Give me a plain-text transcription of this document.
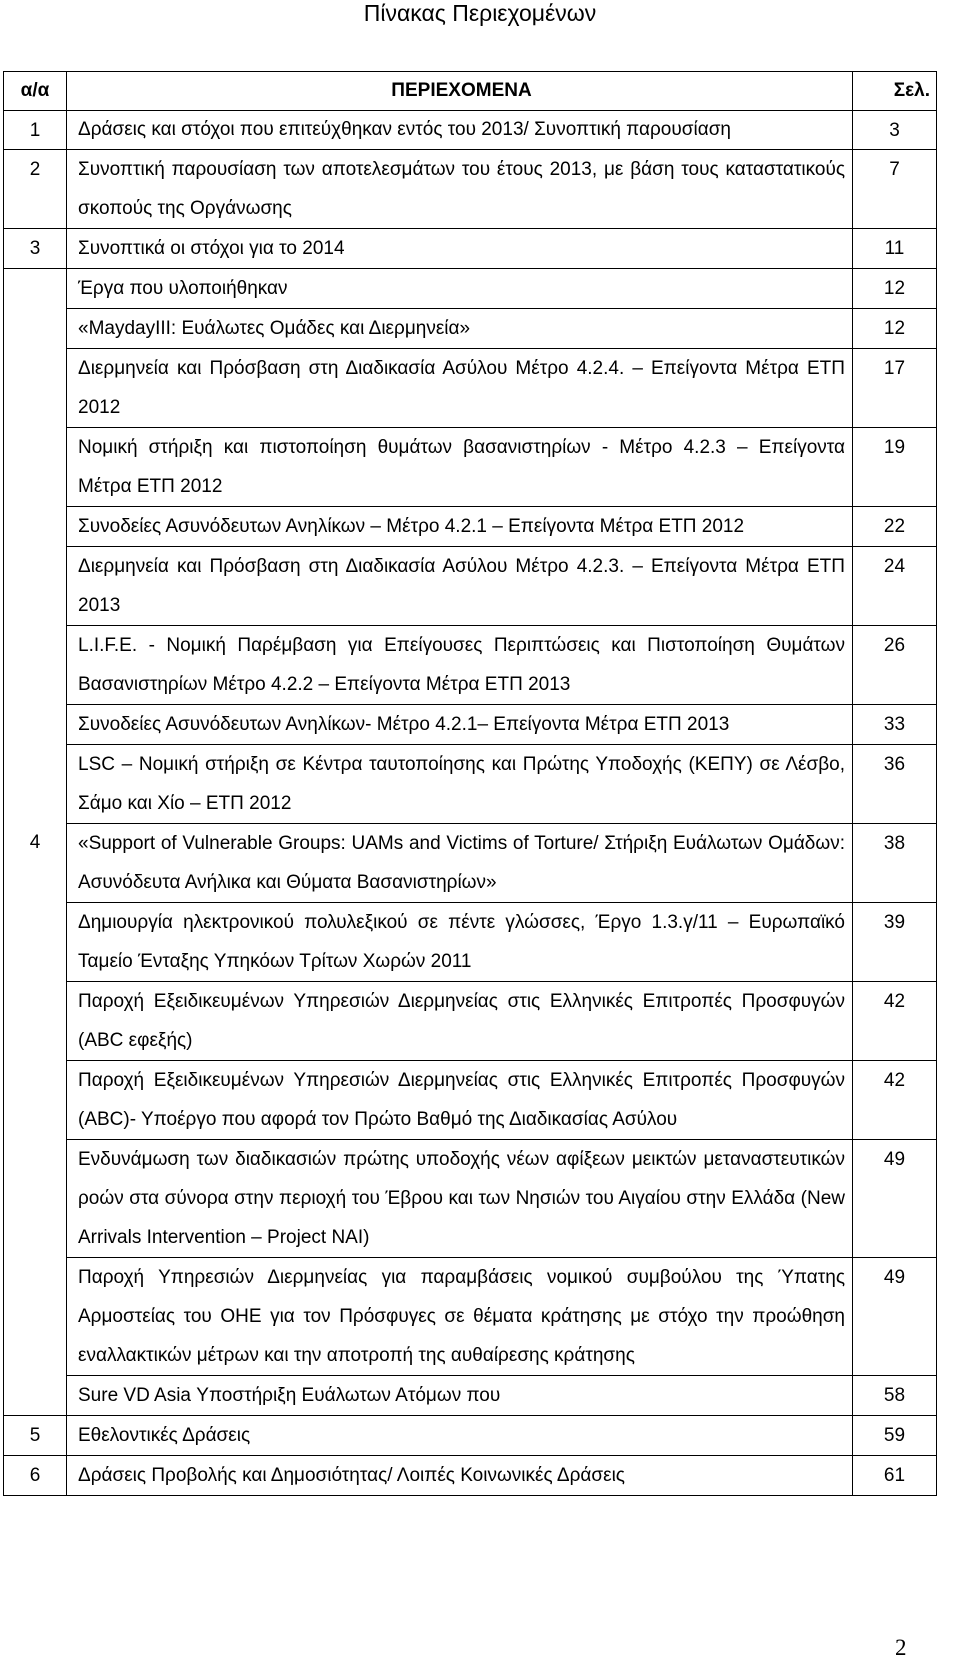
Πίνακας Περιεχομένων
α/α	ΠΕΡΙΕΧΟΜΕΝΑ	Σελ.
1	Δράσεις και στόχοι που επιτεύχθηκαν εντός του 2013/ Συνοπτική παρουσίαση	3
2	Συνοπτική παρουσίαση των αποτελεσμάτων του έτους 2013, με βάση τους καταστατικούς σκοπούς της Οργάνωσης	7
3	Συνοπτικά οι στόχοι για το 2014	11
4	Έργα που υλοποιήθηκαν	12
	«MaydayIII: Ευάλωτες Ομάδες και Διερμηνεία»	12
	Διερμηνεία και Πρόσβαση στη Διαδικασία Ασύλου Μέτρο 4.2.4. – Επείγοντα Μέτρα ΕΤΠ 2012	17
	Νομική στήριξη και πιστοποίηση θυμάτων βασανιστηρίων - Μέτρο 4.2.3 – Επείγοντα Μέτρα ΕΤΠ 2012	19
	Συνοδείες Ασυνόδευτων Ανηλίκων – Μέτρο 4.2.1 – Επείγοντα Μέτρα ΕΤΠ 2012	22
	Διερμηνεία και Πρόσβαση στη Διαδικασία Ασύλου Μέτρο 4.2.3. – Επείγοντα Μέτρα ΕΤΠ 2013	24
	L.I.F.E. - Νομική Παρέμβαση για Επείγουσες Περιπτώσεις και Πιστοποίηση Θυμάτων Βασανιστηρίων Μέτρο 4.2.2 – Επείγοντα Μέτρα ΕΤΠ 2013	26
	Συνοδείες Ασυνόδευτων Ανηλίκων- Μέτρο 4.2.1– Επείγοντα Μέτρα ΕΤΠ 2013	33
	LSC – Νομική στήριξη σε Κέντρα ταυτοποίησης και Πρώτης Υποδοχής (ΚΕΠΥ) σε Λέσβο, Σάμο και Χίο – ΕΤΠ 2012	36
	«Support of Vulnerable Groups: UAMs and Victims of Torture/ Στήριξη Ευάλωτων Ομάδων: Ασυνόδευτα Ανήλικα και Θύματα Βασανιστηρίων»	38
	Δημιουργία ηλεκτρονικού πολυλεξικού σε πέντε γλώσσες, Έργο 1.3.γ/11 – Ευρωπαϊκό Ταμείο Ένταξης Υπηκόων Τρίτων Χωρών 2011	39
	Παροχή Εξειδικευμένων Υπηρεσιών Διερμηνείας στις Ελληνικές Επιτροπές Προσφυγών (ABC εφεξής)	42
	Παροχή Εξειδικευμένων Υπηρεσιών Διερμηνείας στις Ελληνικές Επιτροπές Προσφυγών (ABC)- Υποέργο που αφορά τον Πρώτο Βαθμό της Διαδικασίας Ασύλου	42
	Ενδυνάμωση των διαδικασιών πρώτης υποδοχής νέων αφίξεων μεικτών μεταναστευτικών ροών στα σύνορα στην περιοχή του Έβρου και των Νησιών του Αιγαίου στην Ελλάδα (New Arrivals Intervention – Project NAI)	49
	Παροχή Υπηρεσιών Διερμηνείας για παραμβάσεις νομικού συμβούλου της Ύπατης Αρμοστείας του ΟΗΕ για τον Πρόσφυγες σε θέματα κράτησης με στόχο την προώθηση εναλλακτικών μέτρων και την αποτροπή της αυθαίρεσης κράτησης	49
	Sure VD Asia Υποστήριξη Ευάλωτων Ατόμων που	58
5	Εθελοντικές Δράσεις	59
6	Δράσεις Προβολής και Δημοσιότητας/ Λοιπές Κοινωνικές Δράσεις	61
2
